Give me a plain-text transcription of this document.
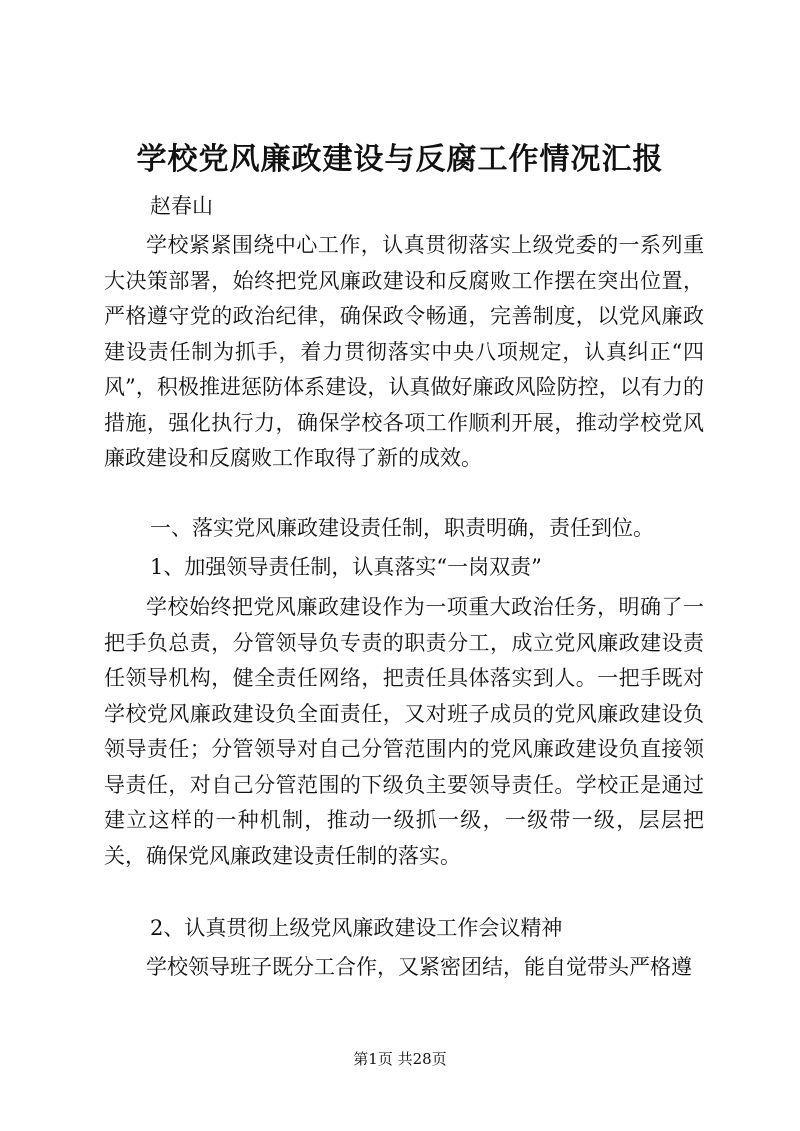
学校党风廉政建设与反腐工作情况汇报
赵春山

学校紧紧围绕中心工作，认真贯彻落实上级党委的一系列重大决策部署，始终把党风廉政建设和反腐败工作摆在突出位置，严格遵守党的政治纪律，确保政令畅通，完善制度，以党风廉政建设责任制为抓手，着力贯彻落实中央八项规定，认真纠正“四风”，积极推进惩防体系建设，认真做好廉政风险防控，以有力的措施，强化执行力，确保学校各项工作顺利开展，推动学校党风廉政建设和反腐败工作取得了新的成效。

一、落实党风廉政建设责任制，职责明确，责任到位。
1、加强领导责任制，认真落实“一岗双责”

学校始终把党风廉政建设作为一项重大政治任务，明确了一把手负总责，分管领导负专责的职责分工，成立党风廉政建设责任领导机构，健全责任网络，把责任具体落实到人。一把手既对学校党风廉政建设负全面责任，又对班子成员的党风廉政建设负领导责任；分管领导对自己分管范围内的党风廉政建设负直接领导责任，对自己分管范围的下级负主要领导责任。学校正是通过建立这样的一种机制，推动一级抓一级，一级带一级，层层把关，确保党风廉政建设责任制的落实。

2、认真贯彻上级党风廉政建设工作会议精神

学校领导班子既分工合作，又紧密团结，能自觉带头严格遵

第1页 共28页
